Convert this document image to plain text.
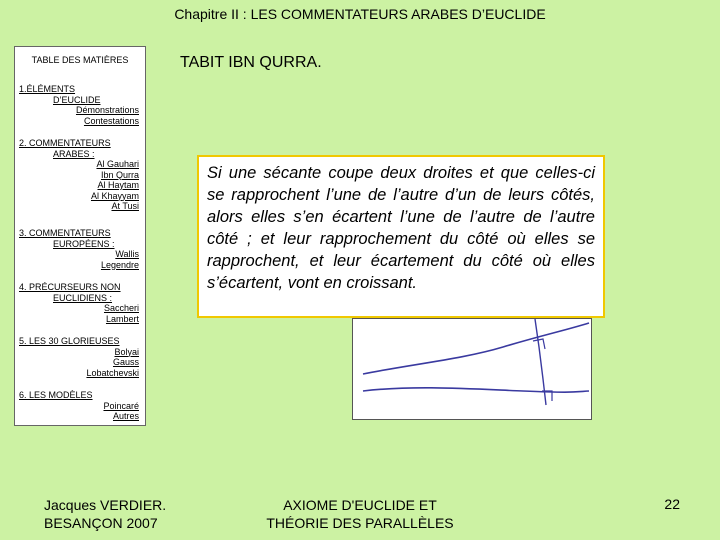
Chapitre II : LES COMMENTATEURS ARABES D’EUCLIDE
TABLE DES MATIÈRES
1.ÉLÉMENTS
D’EUCLIDE
Démonstrations
Contestations
2. COMMENTATEURS
ARABES :
Al Gauhari
Ibn Qurra
Al Haytam
Al Khayyam
At Tusi
3. COMMENTATEURS
EUROPÉENS :
Wallis
Legendre
4. PRÉCURSEURS NON
EUCLIDIENS :
Saccheri
Lambert
5. LES 30 GLORIEUSES
Bolyai
Gauss
Lobatchevski
6. LES MODÈLES
Poincaré
Autres
TABIT IBN QURRA.
Si une sécante coupe deux droites et que celles-ci se rapprochent l’une de l’autre d’un de leurs côtés, alors elles s’en écartent l’une de l’autre de l’autre côté ; et leur rapprochement du côté où elles se rapprochent, et leur écartement du côté où elles s’écartent, vont en croissant.
Jacques VERDIER.
BESANÇON 2007
AXIOME D'EUCLIDE ET
THÉORIE DES PARALLÈLES
22
